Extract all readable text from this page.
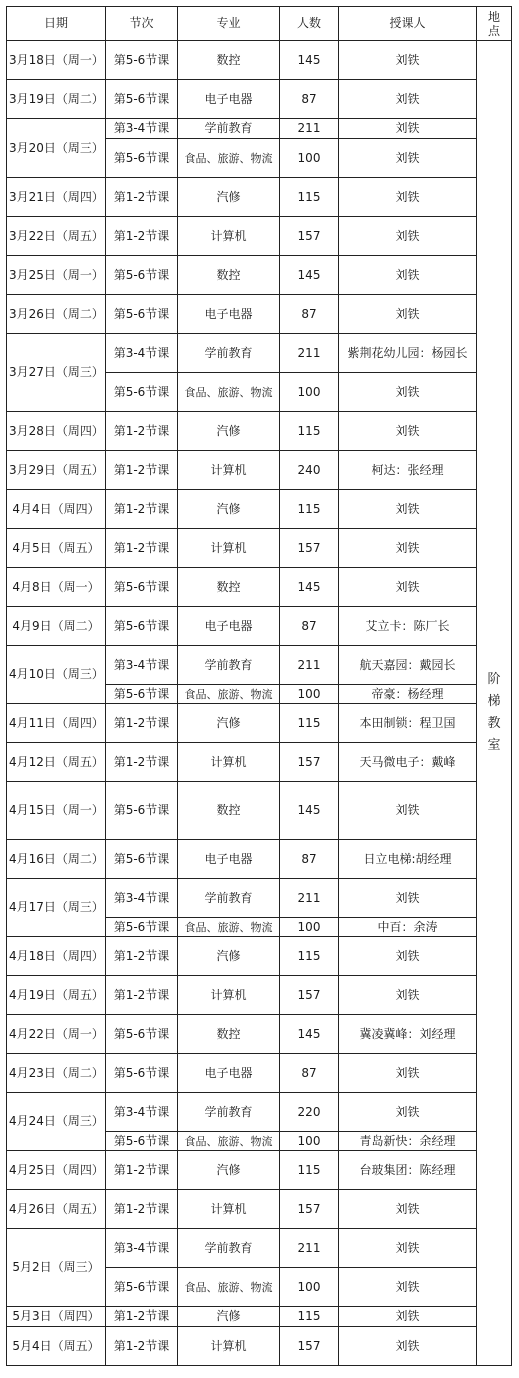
日期	节次	专业	人数	授课人	地点
3月18日（周一）	第5-6节课	数控	145	刘铁	阶梯教室
3月19日（周二）	第5-6节课	电子电器	87	刘铁	
3月20日（周三）	第3-4节课	学前教育	211	刘铁	
	第5-6节课	食品、旅游、物流	100	刘铁	
3月21日（周四）	第1-2节课	汽修	115	刘铁	
3月22日（周五）	第1-2节课	计算机	157	刘铁	
3月25日（周一）	第5-6节课	数控	145	刘铁	
3月26日（周二）	第5-6节课	电子电器	87	刘铁	
3月27日（周三）	第3-4节课	学前教育	211	紫荆花幼儿园：杨园长	
	第5-6节课	食品、旅游、物流	100	刘铁	
3月28日（周四）	第1-2节课	汽修	115	刘铁	
3月29日（周五）	第1-2节课	计算机	240	柯达：张经理	
4月4日（周四）	第1-2节课	汽修	115	刘铁	
4月5日（周五）	第1-2节课	计算机	157	刘铁	
4月8日（周一）	第5-6节课	数控	145	刘铁	
4月9日（周二）	第5-6节课	电子电器	87	艾立卡：陈厂长	
4月10日（周三）	第3-4节课	学前教育	211	航天嘉园：戴园长	
	第5-6节课	食品、旅游、物流	100	帝豪：杨经理	
4月11日（周四）	第1-2节课	汽修	115	本田制锁：程卫国	
4月12日（周五）	第1-2节课	计算机	157	天马微电子：戴峰	
4月15日（周一）	第5-6节课	数控	145	刘铁	
4月16日（周二）	第5-6节课	电子电器	87	日立电梯:胡经理	
4月17日（周三）	第3-4节课	学前教育	211	刘铁	
	第5-6节课	食品、旅游、物流	100	中百：余涛	
4月18日（周四）	第1-2节课	汽修	115	刘铁	
4月19日（周五）	第1-2节课	计算机	157	刘铁	
4月22日（周一）	第5-6节课	数控	145	冀凌冀峰：刘经理	
4月23日（周二）	第5-6节课	电子电器	87	刘铁	
4月24日（周三）	第3-4节课	学前教育	220	刘铁	
	第5-6节课	食品、旅游、物流	100	青岛新快：余经理	
4月25日（周四）	第1-2节课	汽修	115	台玻集团：陈经理	
4月26日（周五）	第1-2节课	计算机	157	刘铁	
5月2日（周三）	第3-4节课	学前教育	211	刘铁	
	第5-6节课	食品、旅游、物流	100	刘铁	
5月3日（周四）	第1-2节课	汽修	115	刘铁	
5月4日（周五）	第1-2节课	计算机	157	刘铁	
